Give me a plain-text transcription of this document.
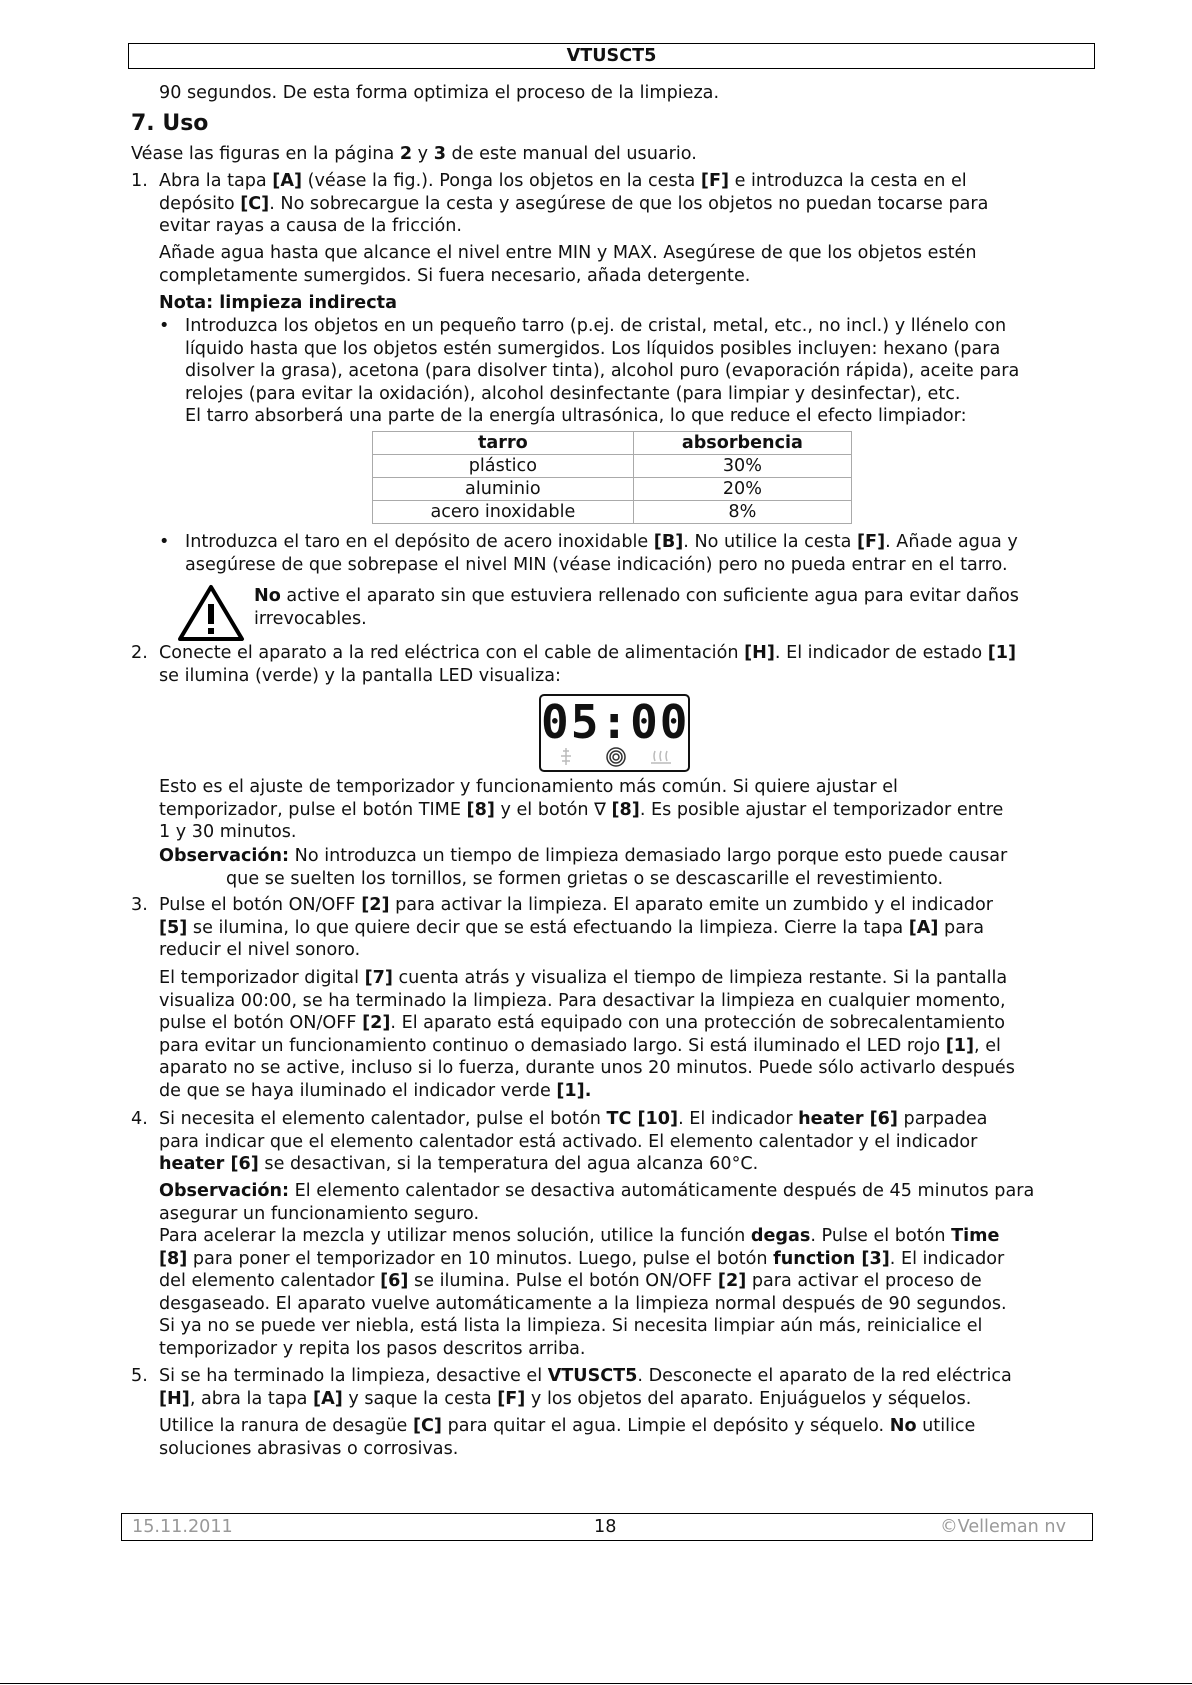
VTUSCT5
90 segundos. De esta forma optimiza el proceso de la limpieza.
7. Uso
Véase las figuras en la página 2 y 3 de este manual del usuario.
1. Abra la tapa [A] (véase la fig.). Ponga los objetos en la cesta [F] e introduzca la cesta en el
depósito [C]. No sobrecargue la cesta y asegúrese de que los objetos no puedan tocarse para
evitar rayas a causa de la fricción.
Añade agua hasta que alcance el nivel entre MIN y MAX. Asegúrese de que los objetos estén
completamente sumergidos. Si fuera necesario, añada detergente.
Nota: limpieza indirecta
• Introduzca los objetos en un pequeño tarro (p.ej. de cristal, metal, etc., no incl.) y llénelo con
líquido hasta que los objetos estén sumergidos. Los líquidos posibles incluyen: hexano (para
disolver la grasa), acetona (para disolver tinta), alcohol puro (evaporación rápida), aceite para
relojes (para evitar la oxidación), alcohol desinfectante (para limpiar y desinfectar), etc.
El tarro absorberá una parte de la energía ultrasónica, lo que reduce el efecto limpiador:
tarro	absorbencia
plástico	30%
aluminio	20%
acero inoxidable	8%
• Introduzca el taro en el depósito de acero inoxidable [B]. No utilice la cesta [F]. Añade agua y
asegúrese de que sobrepase el nivel MIN (véase indicación) pero no pueda entrar en el tarro.
No active el aparato sin que estuviera rellenado con suficiente agua para evitar daños
irrevocables.
2. Conecte el aparato a la red eléctrica con el cable de alimentación [H]. El indicador de estado [1]
se ilumina (verde) y la pantalla LED visualiza:
05:00
Esto es el ajuste de temporizador y funcionamiento más común. Si quiere ajustar el
temporizador, pulse el botón TIME [8] y el botón ∇ [8]. Es posible ajustar el temporizador entre
1 y 30 minutos.
Observación: No introduzca un tiempo de limpieza demasiado largo porque esto puede causar
que se suelten los tornillos, se formen grietas o se descascarille el revestimiento.
3. Pulse el botón ON/OFF [2] para activar la limpieza. El aparato emite un zumbido y el indicador
[5] se ilumina, lo que quiere decir que se está efectuando la limpieza. Cierre la tapa [A] para
reducir el nivel sonoro.
El temporizador digital [7] cuenta atrás y visualiza el tiempo de limpieza restante. Si la pantalla
visualiza 00:00, se ha terminado la limpieza. Para desactivar la limpieza en cualquier momento,
pulse el botón ON/OFF [2]. El aparato está equipado con una protección de sobrecalentamiento
para evitar un funcionamiento continuo o demasiado largo. Si está iluminado el LED rojo [1], el
aparato no se active, incluso si lo fuerza, durante unos 20 minutos. Puede sólo activarlo después
de que se haya iluminado el indicador verde [1].
4. Si necesita el elemento calentador, pulse el botón TC [10]. El indicador heater [6] parpadea
para indicar que el elemento calentador está activado. El elemento calentador y el indicador
heater [6] se desactivan, si la temperatura del agua alcanza 60°C.
Observación: El elemento calentador se desactiva automáticamente después de 45 minutos para
asegurar un funcionamiento seguro.
Para acelerar la mezcla y utilizar menos solución, utilice la función degas. Pulse el botón Time
[8] para poner el temporizador en 10 minutos. Luego, pulse el botón function [3]. El indicador
del elemento calentador [6] se ilumina. Pulse el botón ON/OFF [2] para activar el proceso de
desgaseado. El aparato vuelve automáticamente a la limpieza normal después de 90 segundos.
Si ya no se puede ver niebla, está lista la limpieza. Si necesita limpiar aún más, reinicialice el
temporizador y repita los pasos descritos arriba.
5. Si se ha terminado la limpieza, desactive el VTUSCT5. Desconecte el aparato de la red eléctrica
[H], abra la tapa [A] y saque la cesta [F] y los objetos del aparato. Enjuáguelos y séquelos.
Utilice la ranura de desagüe [C] para quitar el agua. Limpie el depósito y séquelo. No utilice
soluciones abrasivas o corrosivas.
15.11.2011	18	©Velleman nv
